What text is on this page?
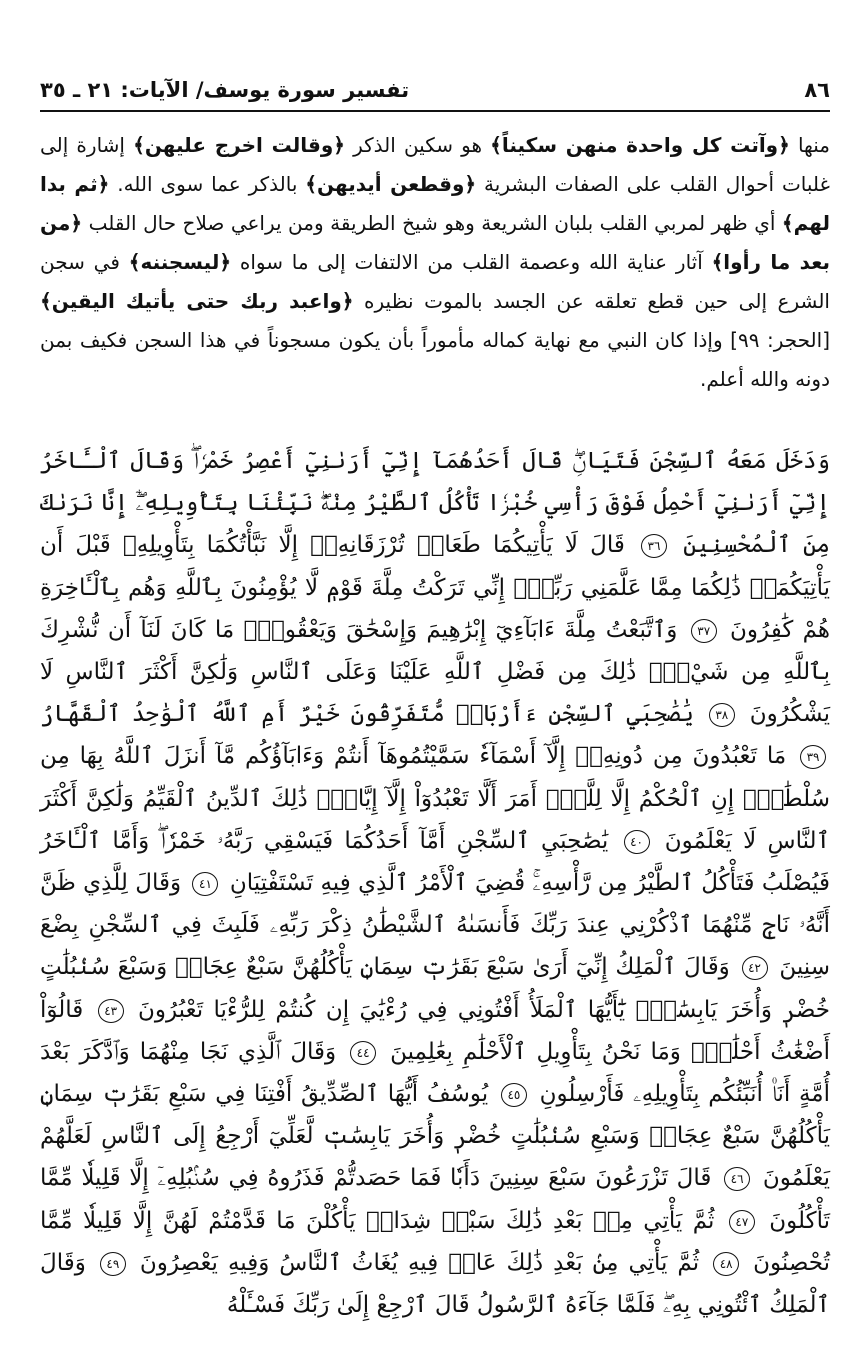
٨٦
تفسير سورة يوسف/ الآيات: ٢١ ـ ٣٥

منها ﴿وآتت كل واحدة منهن سكيناً﴾ هو سكين الذكر ﴿وقالت اخرج عليهن﴾ إشارة إلى غلبات أحوال القلب على الصفات البشرية ﴿وقطعن أيديهن﴾ بالذكر عما سوى الله. ﴿ثم بدا لهم﴾ أي ظهر لمربي القلب بلبان الشريعة وهو شيخ الطريقة ومن يراعي صلاح حال القلب ﴿من بعد ما رأوا﴾ آثار عناية الله وعصمة القلب من الالتفات إلى ما سواه ﴿ليسجننه﴾ في سجن الشرع إلى حين قطع تعلقه عن الجسد بالموت نظيره ﴿واعبد ربك حتى يأتيك اليقين﴾ [الحجر: ٩٩] وإذا كان النبي مع نهاية كماله مأموراً بأن يكون مسجوناً في هذا السجن فكيف بمن دونه والله أعلم.

وَدَخَلَ مَعَهُ ٱلسِّجْنَ فَتَيَانِۖ قَالَ أَحَدُهُمَآ إِنِّيٓ أَرَىٰنِيٓ أَعْصِرُ خَمْرٗاۖ وَقَالَ ٱلْـَٔاخَرُ إِنِّيٓ أَرَىٰنِيٓ أَحْمِلُ فَوْقَ رَأْسِي خُبْزٗا تَأْكُلُ ٱلطَّيْرُ مِنْهُۖ نَبِّئْنَا بِتَأْوِيلِهِۦٓۖ إِنَّا نَرَىٰكَ مِنَ ٱلْمُحْسِنِينَ ٣٦ قَالَ لَا يَأْتِيكُمَا طَعَامٞ تُرْزَقَانِهِۦٓ إِلَّا نَبَّأْتُكُمَا بِتَأْوِيلِهِۦ قَبْلَ أَن يَأْتِيَكُمَاۚ ذَٰلِكُمَا مِمَّا عَلَّمَنِي رَبِّيٓۚ إِنِّي تَرَكْتُ مِلَّةَ قَوْمٖ لَّا يُؤْمِنُونَ بِٱللَّهِ وَهُم بِٱلْـَٔاخِرَةِ هُمْ كَٰفِرُونَ ٣٧ وَٱتَّبَعْتُ مِلَّةَ ءَابَآءِيٓ إِبْرَٰهِيمَ وَإِسْحَٰقَ وَيَعْقُوبَۚ مَا كَانَ لَنَآ أَن نُّشْرِكَ بِٱللَّهِ مِن شَيْءٖۚ ذَٰلِكَ مِن فَضْلِ ٱللَّهِ عَلَيْنَا وَعَلَى ٱلنَّاسِ وَلَٰكِنَّ أَكْثَرَ ٱلنَّاسِ لَا يَشْكُرُونَ ٣٨ يَٰصَٰحِبَيِ ٱلسِّجْنِ ءَأَرْبَابٞ مُّتَفَرِّقُونَ خَيْرٌ أَمِ ٱللَّهُ ٱلْوَٰحِدُ ٱلْقَهَّارُ ٣٩ مَا تَعْبُدُونَ مِن دُونِهِۦٓ إِلَّآ أَسْمَآءٗ سَمَّيْتُمُوهَآ أَنتُمْ وَءَابَآؤُكُم مَّآ أَنزَلَ ٱللَّهُ بِهَا مِن سُلْطَٰنٍۚ إِنِ ٱلْحُكْمُ إِلَّا لِلَّهِۚ أَمَرَ أَلَّا تَعْبُدُوٓاْ إِلَّآ إِيَّاهُۚ ذَٰلِكَ ٱلدِّينُ ٱلْقَيِّمُ وَلَٰكِنَّ أَكْثَرَ ٱلنَّاسِ لَا يَعْلَمُونَ ٤٠ يَٰصَٰحِبَيِ ٱلسِّجْنِ أَمَّآ أَحَدُكُمَا فَيَسْقِي رَبَّهُۥ خَمْرٗاۖ وَأَمَّا ٱلْـَٔاخَرُ فَيُصْلَبُ فَتَأْكُلُ ٱلطَّيْرُ مِن رَّأْسِهِۦۚ قُضِيَ ٱلْأَمْرُ ٱلَّذِي فِيهِ تَسْتَفْتِيَانِ ٤١ وَقَالَ لِلَّذِي ظَنَّ أَنَّهُۥ نَاجٖ مِّنْهُمَا ٱذْكُرْنِي عِندَ رَبِّكَ فَأَنسَىٰهُ ٱلشَّيْطَٰنُ ذِكْرَ رَبِّهِۦ فَلَبِثَ فِي ٱلسِّجْنِ بِضْعَ سِنِينَ ٤٢ وَقَالَ ٱلْمَلِكُ إِنِّيٓ أَرَىٰ سَبْعَ بَقَرَٰتٖ سِمَانٖ يَأْكُلُهُنَّ سَبْعٌ عِجَافٞ وَسَبْعَ سُنۢبُلَٰتٍ خُضْرٖ وَأُخَرَ يَابِسَٰتٖۖ يَٰٓأَيُّهَا ٱلْمَلَأُ أَفْتُونِي فِي رُءْيَٰيَ إِن كُنتُمْ لِلرُّءْيَا تَعْبُرُونَ ٤٣ قَالُوٓاْ أَضْغَٰثُ أَحْلَٰمٖۖ وَمَا نَحْنُ بِتَأْوِيلِ ٱلْأَحْلَٰمِ بِعَٰلِمِينَ ٤٤ وَقَالَ ٱلَّذِي نَجَا مِنْهُمَا وَٱدَّكَرَ بَعْدَ أُمَّةٍ أَنَا۠ أُنَبِّئُكُم بِتَأْوِيلِهِۦ فَأَرْسِلُونِ ٤٥ يُوسُفُ أَيُّهَا ٱلصِّدِّيقُ أَفْتِنَا فِي سَبْعِ بَقَرَٰتٖ سِمَانٖ يَأْكُلُهُنَّ سَبْعٌ عِجَافٞ وَسَبْعِ سُنۢبُلَٰتٍ خُضْرٖ وَأُخَرَ يَابِسَٰتٖ لَّعَلِّيٓ أَرْجِعُ إِلَى ٱلنَّاسِ لَعَلَّهُمْ يَعْلَمُونَ ٤٦ قَالَ تَزْرَعُونَ سَبْعَ سِنِينَ دَأَبٗا فَمَا حَصَدتُّمْ فَذَرُوهُ فِي سُنۢبُلِهِۦٓ إِلَّا قَلِيلٗا مِّمَّا تَأْكُلُونَ ٤٧ ثُمَّ يَأْتِي مِنۢ بَعْدِ ذَٰلِكَ سَبْعٞ شِدَادٞ يَأْكُلْنَ مَا قَدَّمْتُمْ لَهُنَّ إِلَّا قَلِيلٗا مِّمَّا تُحْصِنُونَ ٤٨ ثُمَّ يَأْتِي مِنۢ بَعْدِ ذَٰلِكَ عَامٞ فِيهِ يُغَاثُ ٱلنَّاسُ وَفِيهِ يَعْصِرُونَ ٤٩ وَقَالَ ٱلْمَلِكُ ٱئْتُونِي بِهِۦۖ فَلَمَّا جَآءَهُ ٱلرَّسُولُ قَالَ ٱرْجِعْ إِلَىٰ رَبِّكَ فَسْـَٔلْهُ
